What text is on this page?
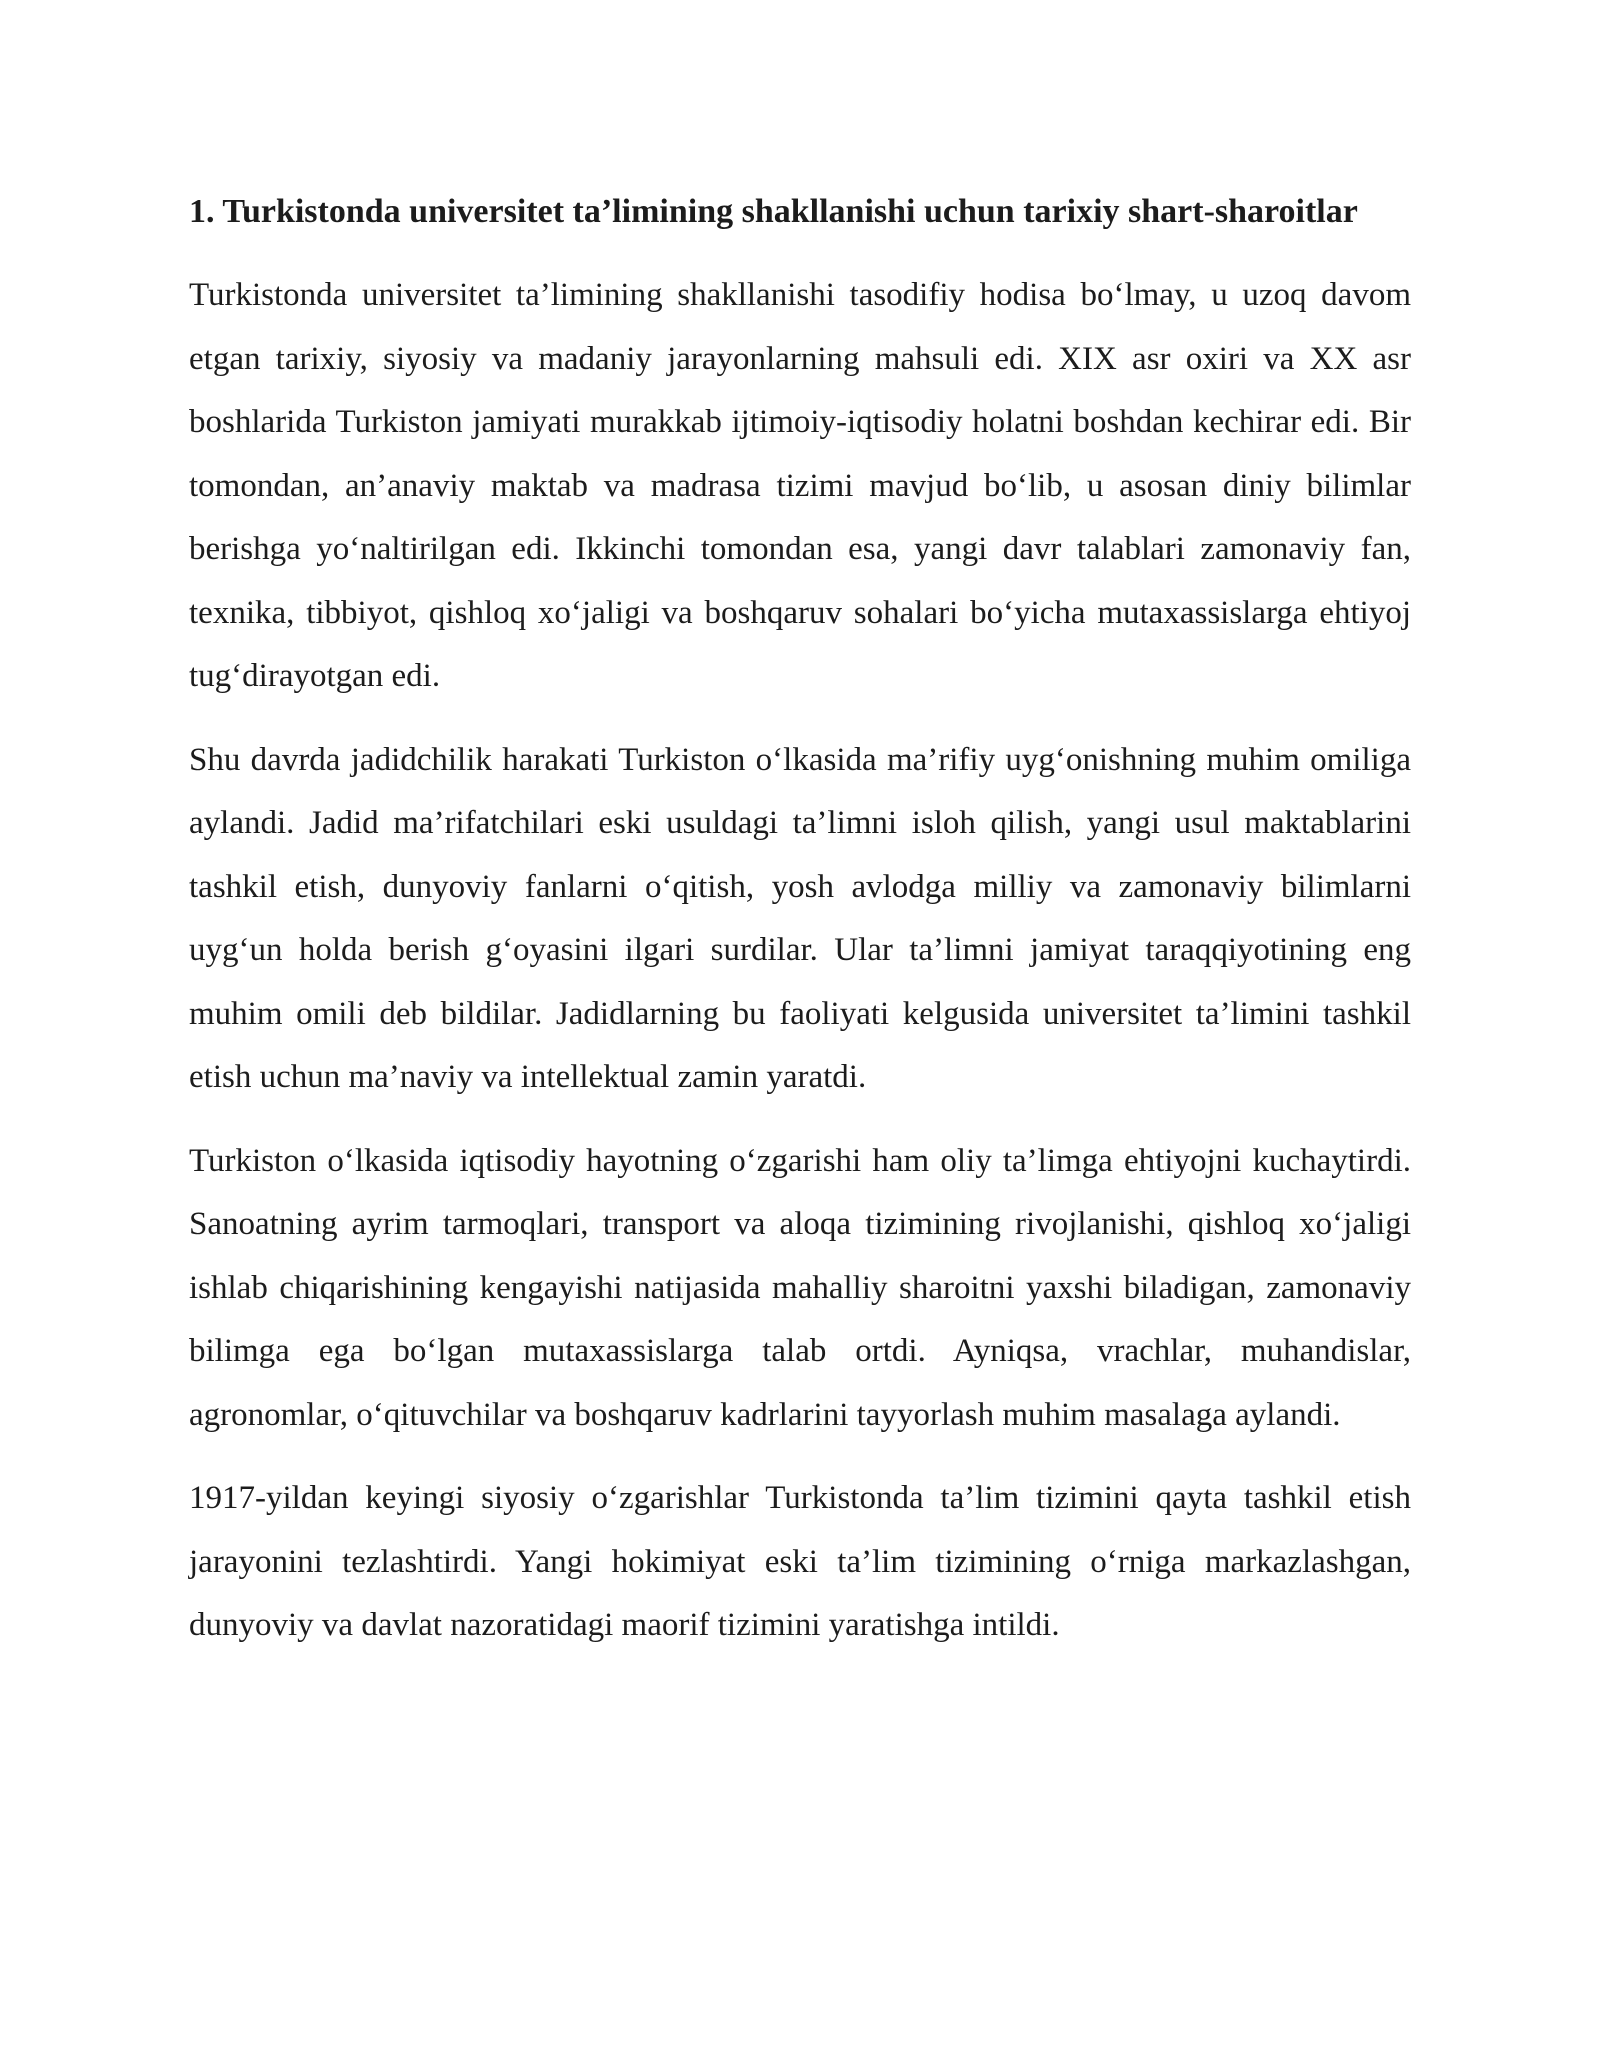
1. Turkistonda universitet ta’limining shakllanishi uchun tarixiy shart-sharoitlar

Turkistonda universitet ta’limining shakllanishi tasodifiy hodisa bo‘lmay, u uzoq davom etgan tarixiy, siyosiy va madaniy jarayonlarning mahsuli edi. XIX asr oxiri va XX asr boshlarida Turkiston jamiyati murakkab ijtimoiy-iqtisodiy holatni boshdan kechirar edi. Bir tomondan, an’anaviy maktab va madrasa tizimi mavjud bo‘lib, u asosan diniy bilimlar berishga yo‘naltirilgan edi. Ikkinchi tomondan esa, yangi davr talablari zamonaviy fan, texnika, tibbiyot, qishloq xo‘jaligi va boshqaruv sohalari bo‘yicha mutaxassislarga ehtiyoj tug‘dirayotgan edi.

Shu davrda jadidchilik harakati Turkiston o‘lkasida ma’rifiy uyg‘onishning muhim omiliga aylandi. Jadid ma’rifatchilari eski usuldagi ta’limni isloh qilish, yangi usul maktablarini tashkil etish, dunyoviy fanlarni o‘qitish, yosh avlodga milliy va zamonaviy bilimlarni uyg‘un holda berish g‘oyasini ilgari surdilar. Ular ta’limni jamiyat taraqqiyotining eng muhim omili deb bildilar. Jadidlarning bu faoliyati kelgusida universitet ta’limini tashkil etish uchun ma’naviy va intellektual zamin yaratdi.

Turkiston o‘lkasida iqtisodiy hayotning o‘zgarishi ham oliy ta’limga ehtiyojni kuchaytirdi. Sanoatning ayrim tarmoqlari, transport va aloqa tizimining rivojlanishi, qishloq xo‘jaligi ishlab chiqarishining kengayishi natijasida mahalliy sharoitni yaxshi biladigan, zamonaviy bilimga ega bo‘lgan mutaxassislarga talab ortdi. Ayniqsa, vrachlar, muhandislar, agronomlar, o‘qituvchilar va boshqaruv kadrlarini tayyorlash muhim masalaga aylandi.

1917-yildan keyingi siyosiy o‘zgarishlar Turkistonda ta’lim tizimini qayta tashkil etish jarayonini tezlashtirdi. Yangi hokimiyat eski ta’lim tizimining o‘rniga markazlashgan, dunyoviy va davlat nazoratidagi maorif tizimini yaratishga intildi.
